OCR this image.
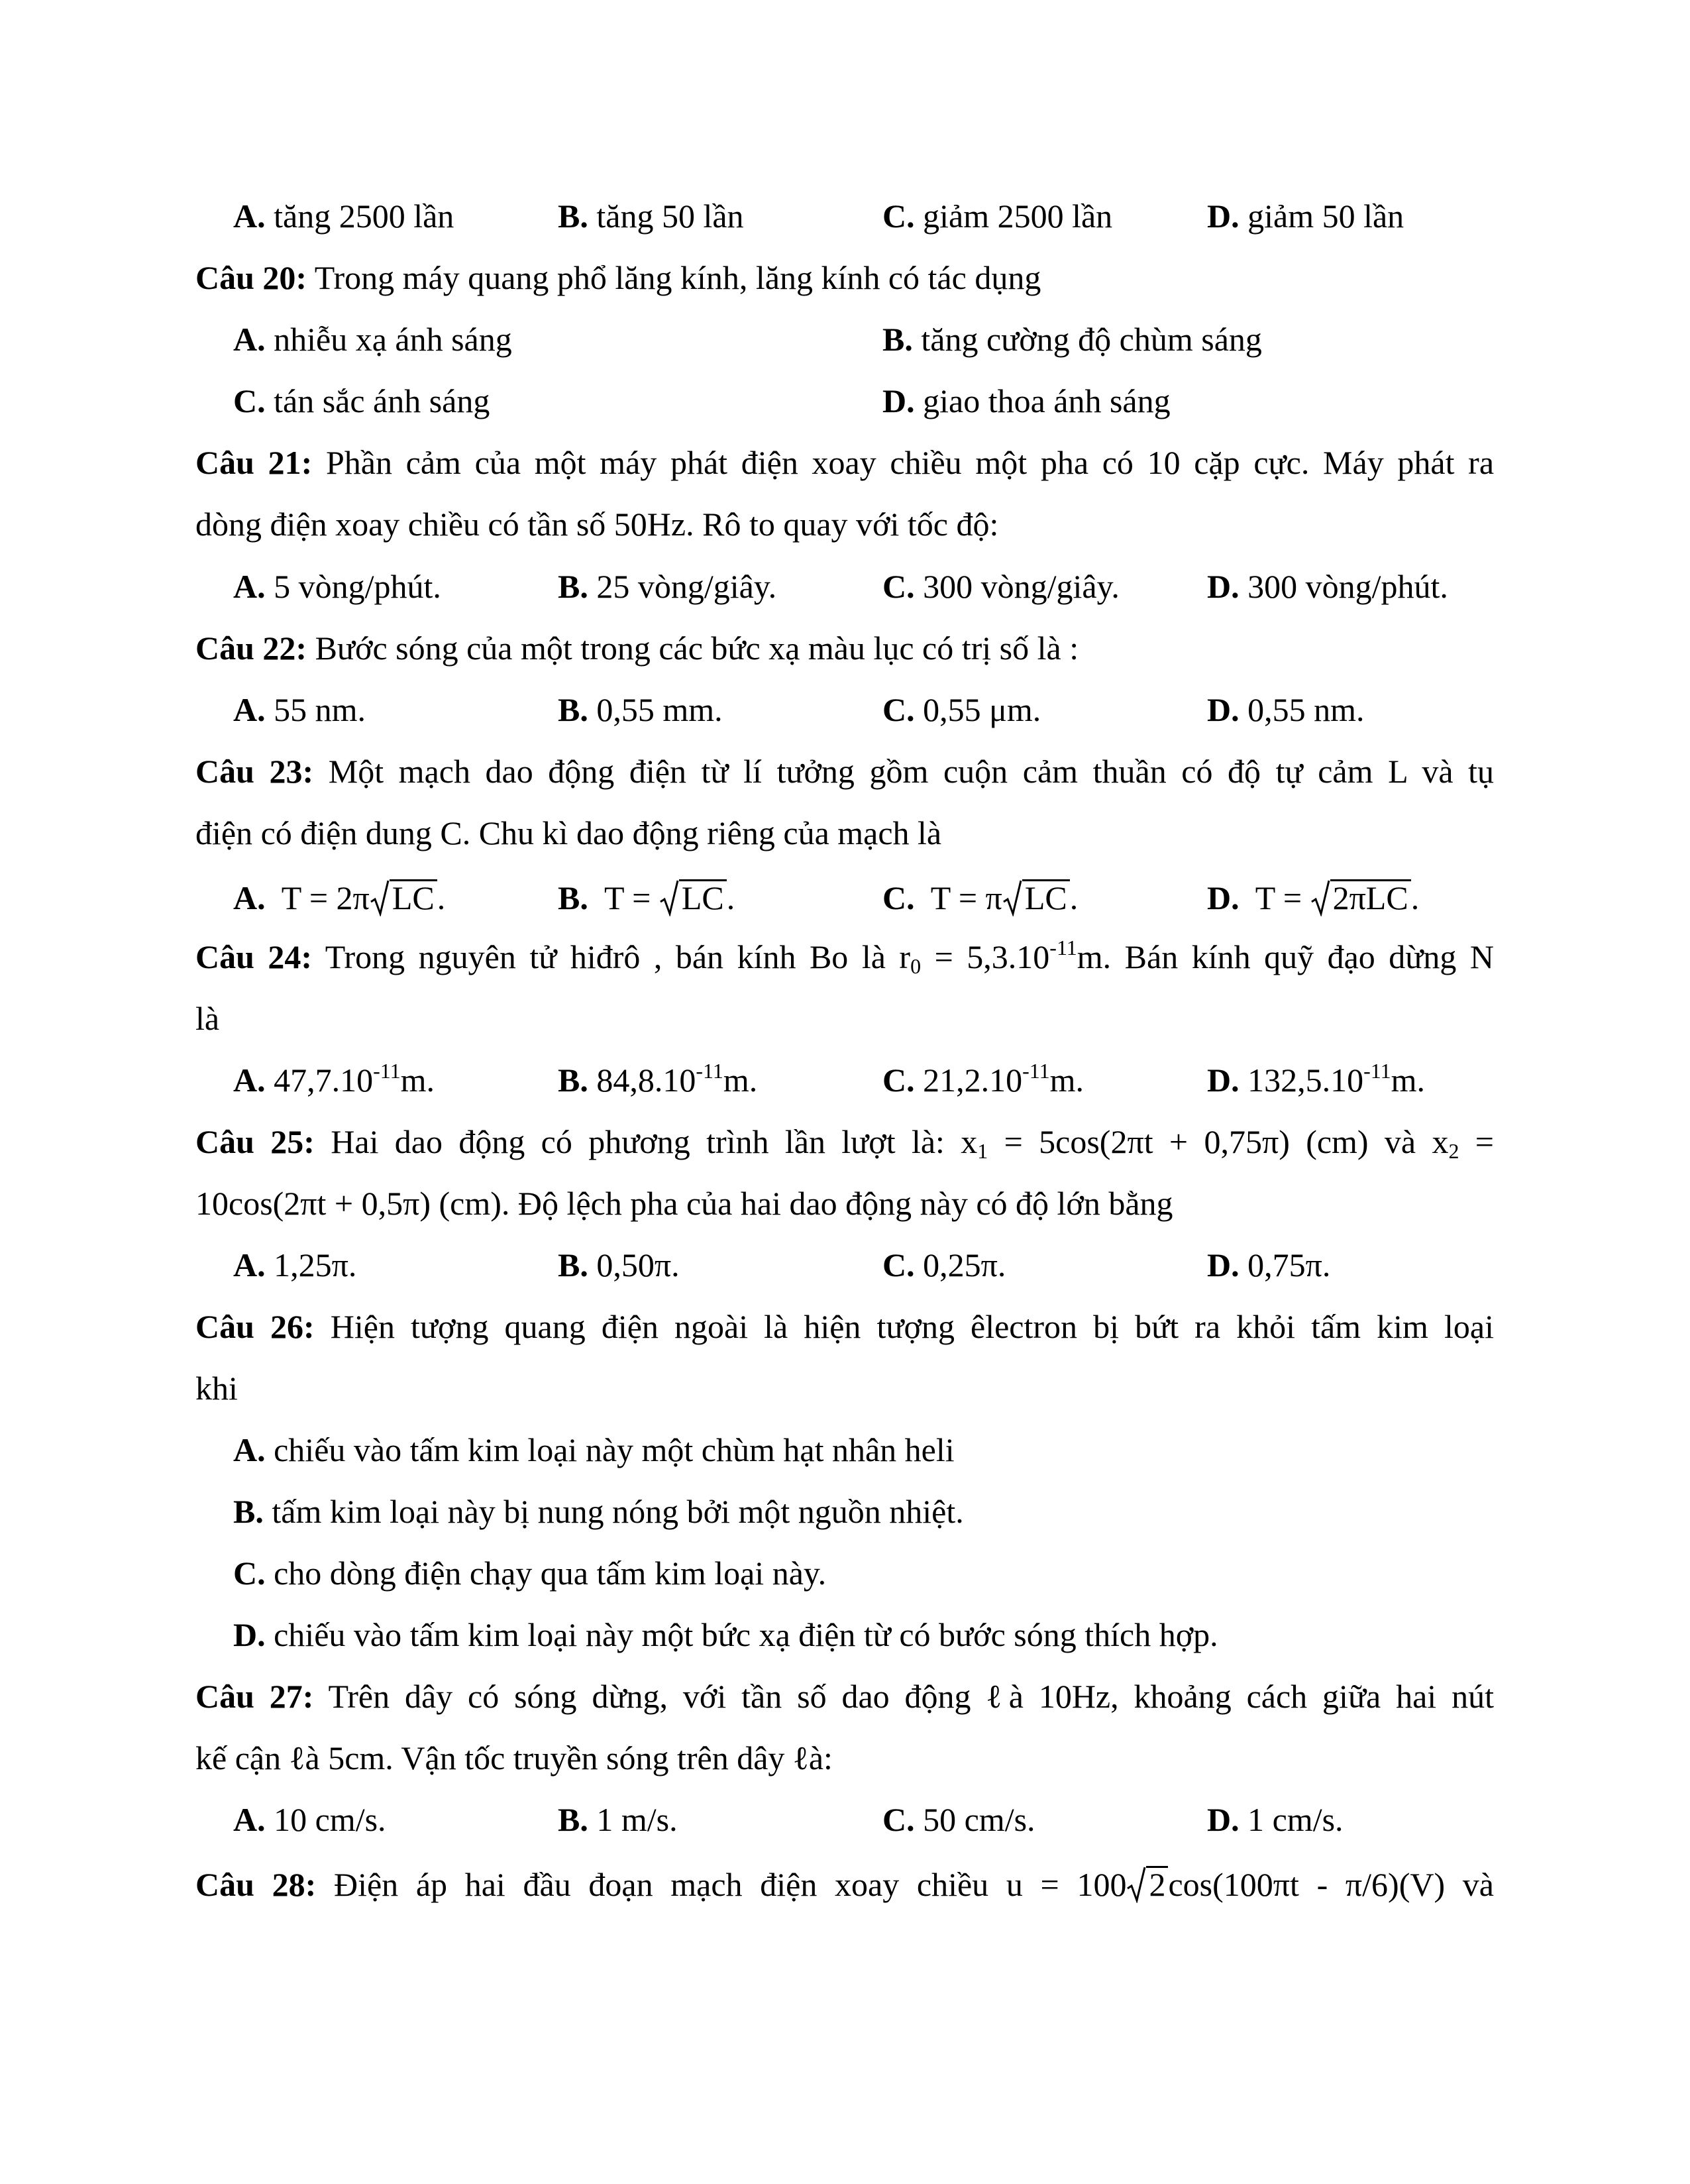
A. tăng 2500 lần	B. tăng 50 lần	C. giảm 2500 lần	D. giảm 50 lần
Câu 20: Trong máy quang phổ lăng kính, lăng kính có tác dụng
A. nhiễu xạ ánh sáng	B. tăng cường độ chùm sáng
C. tán sắc ánh sáng	D. giao thoa ánh sáng
Câu 21: Phần cảm của một máy phát điện xoay chiều một pha có 10 cặp cực. Máy phát ra
dòng điện xoay chiều có tần số 50Hz. Rô to quay với tốc độ:
A. 5 vòng/phút.	B. 25 vòng/giây.	C. 300 vòng/giây.	D. 300 vòng/phút.
Câu 22: Bước sóng của một trong các bức xạ màu lục có trị số là :
A. 55 nm.	B. 0,55 mm.	C. 0,55 μm.	D. 0,55 nm.
Câu 23: Một mạch dao động điện từ lí tưởng gồm cuộn cảm thuần có độ tự cảm L và tụ
điện có điện dung C. Chu kì dao động riêng của mạch là
A. T = 2π LC.	B. T =
LC.	C. T = π LC.	D. T =
2πLC.
Câu 24: Trong nguyên tử hiđrô , bán kính Bo là $r_0 = 5,3.10^{-11}m$. Bán kính quỹ đạo dừng N
là
A. $47,7.10^{-11}m$.	B. $84,8.10^{-11}m$.	C. $21,2.10^{-11}m$.	D. $132,5.10^{-11}m$.
Câu 25: Hai dao động có phương trình lần lượt là: $x_1 = 5\cos(2\pi t + 0,75\pi)$ (cm) và $x_2$ =
10cos(2πt + 0,5π) (cm). Độ lệch pha của hai dao động này có độ lớn bằng
A. 1,25π.	B. 0,50π.	C. 0,25π.	D. 0,75π.
Câu 26: Hiện tượng quang điện ngoài là hiện tượng êlectron bị bứt ra khỏi tấm kim loại
khi
A. chiếu vào tấm kim loại này một chùm hạt nhân heli
B. tấm kim loại này bị nung nóng bởi một nguồn nhiệt.
C. cho dòng điện chạy qua tấm kim loại này.
D. chiếu vào tấm kim loại này một bức xạ điện từ có bước sóng thích hợp.
Câu 27: Trên dây có sóng dừng, với tần số dao động ℓà 10Hz, khoảng cách giữa hai nút
kế cận ℓà 5cm. Vận tốc truyền sóng trên dây ℓà:
A. 10 cm/s.	B. 1 m/s.	C. 50 cm/s.	D. 1 cm/s.
Câu 28: Điện áp hai đầu đoạn mạch điện xoay chiều u = 100 2cos(100πt - π/6)(V) và
